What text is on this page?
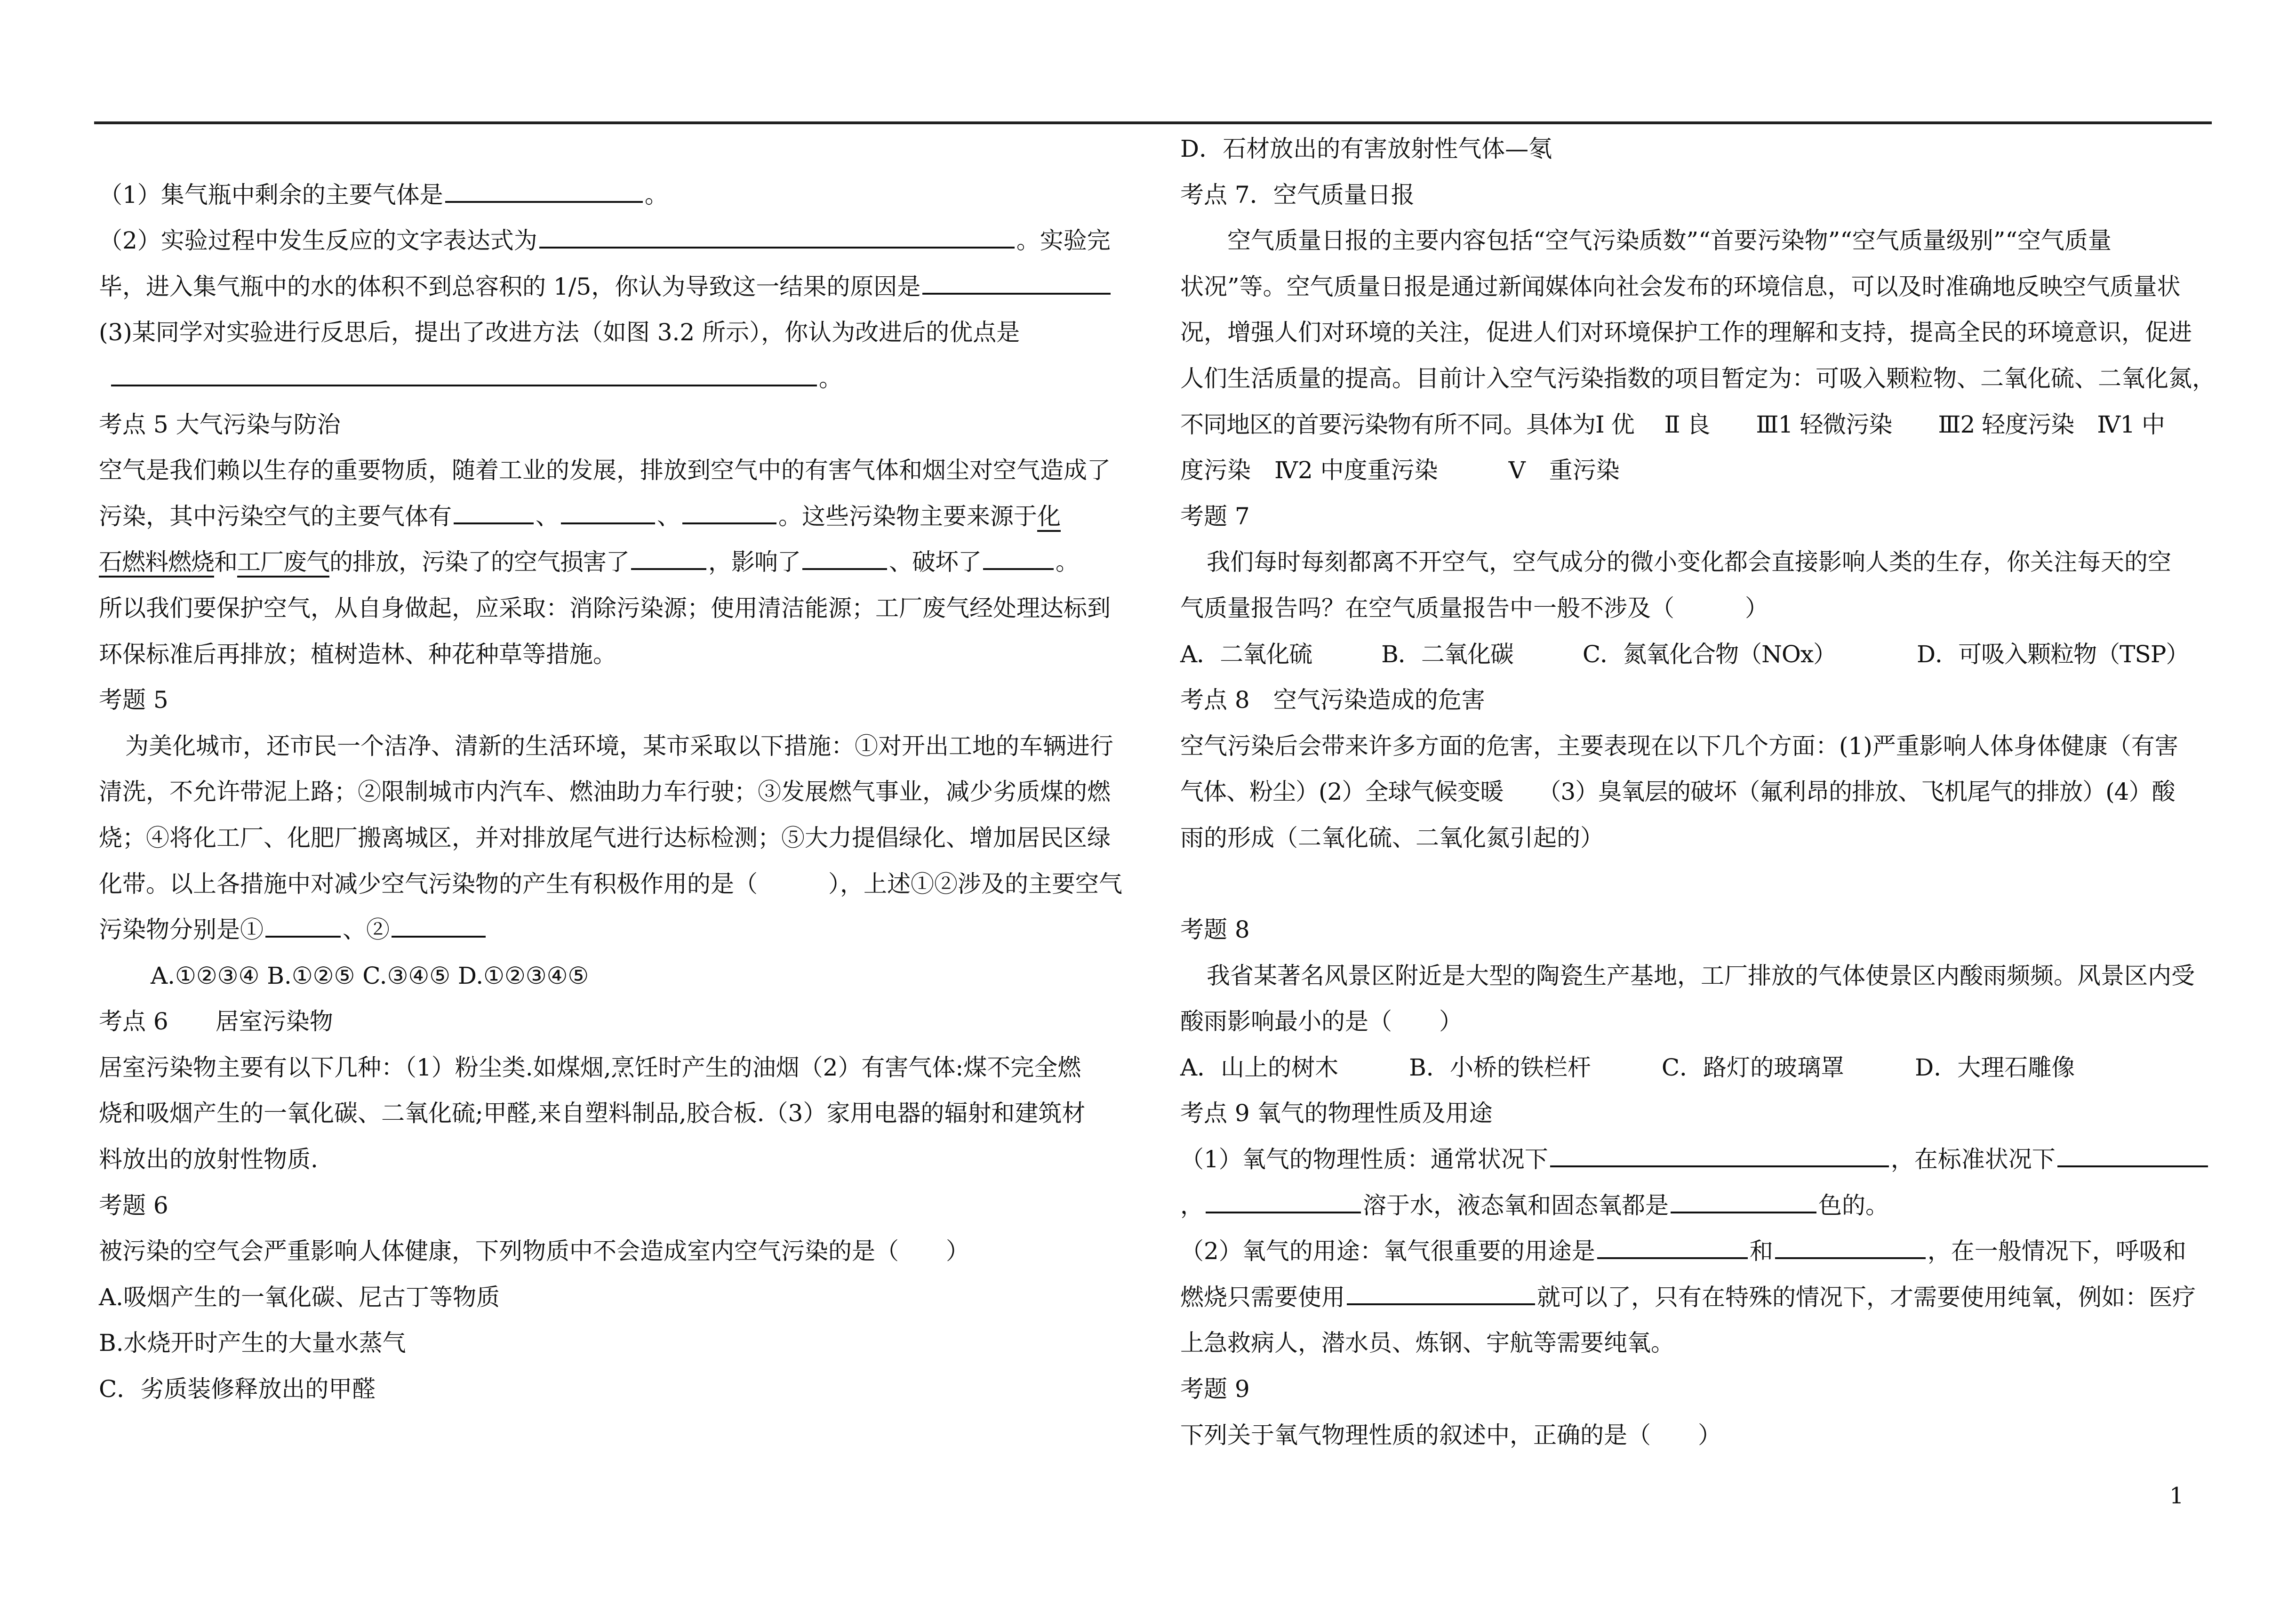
（1）集气瓶中剩余的主要气体是	。
（2）实验过程中发生反应的文字表达式为	。实验完
毕，进入集气瓶中的水的体积不到总容积的 1/5，你认为导致这一结果的原因是
(3)某同学对实验进行反思后，提出了改进方法（如图 3.2 所示），你认为改进后的优点是
。
考点 5 大气污染与防治
空气是我们赖以生存的重要物质，随着工业的发展，排放到空气中的有害气体和烟尘对空气造成了
污染，其中污染空气的主要气体有	、	、	。这些污染物主要来源于化
石燃料燃烧和工厂废气的排放，污染了的空气损害了	，影响了	、破坏了	。
所以我们要保护空气，从自身做起，应采取：消除污染源；使用清洁能源；工厂废气经处理达标到
环保标准后再排放；植树造林、种花种草等措施。
考题 5
为美化城市，还市民一个洁净、清新的生活环境，某市采取以下措施：①对开出工地的车辆进行
清洗，不允许带泥上路；②限制城市内汽车、燃油助力车行驶；③发展燃气事业，减少劣质煤的燃
烧；④将化工厂、化肥厂搬离城区，并对排放尾气进行达标检测；⑤大力提倡绿化、增加居民区绿
化带。以上各措施中对减少空气污染物的产生有积极作用的是（　　　），上述①②涉及的主要空气
污染物分别是①	、②
A.①②③④ B.①②⑤ C.③④⑤ D.①②③④⑤
考点 6　　居室污染物
居室污染物主要有以下几种：（1）粉尘类.如煤烟,烹饪时产生的油烟（2）有害气体:煤不完全燃
烧和吸烟产生的一氧化碳、二氧化硫;甲醛,来自塑料制品,胶合板.（3）家用电器的辐射和建筑材
料放出的放射性物质.
考题 6
被污染的空气会严重影响人体健康，下列物质中不会造成室内空气污染的是（　　）
A.吸烟产生的一氧化碳、尼古丁等物质
B.水烧开时产生的大量水蒸气
C．劣质装修释放出的甲醛
D．石材放出的有害放射性气体—氡
考点 7．空气质量日报
空气质量日报的主要内容包括“空气污染质数”“首要污染物”“空气质量级别”“空气质量
状况”等。空气质量日报是通过新闻媒体向社会发布的环境信息，可以及时准确地反映空气质量状
况，增强人们对环境的关注，促进人们对环境保护工作的理解和支持，提高全民的环境意识，促进
人们生活质量的提高。目前计入空气污染指数的项目暂定为：可吸入颗粒物、二氧化硫、二氧化氮，
不同地区的首要污染物有所不同。具体为Ⅰ 优　 Ⅱ 良　　Ⅲ1 轻微污染　　Ⅲ2 轻度污染　Ⅳ1 中
度污染　Ⅳ2 中度重污染　　　Ⅴ　重污染
考题 7
我们每时每刻都离不开空气，空气成分的微小变化都会直接影响人类的生存，你关注每天的空
气质量报告吗？在空气质量报告中一般不涉及（　　　）
A．二氧化硫　　　B．二氧化碳　　　C．氮氧化合物（NOx）　　　　D．可吸入颗粒物（TSP）
考点 8　空气污染造成的危害
空气污染后会带来许多方面的危害，主要表现在以下几个方面：(1)严重影响人体身体健康（有害
气体、粉尘）(2）全球气候变暖　　（3）臭氧层的破坏（氟利昂的排放、飞机尾气的排放）(4）酸
雨的形成（二氧化硫、二氧化氮引起的）
考题 8
我省某著名风景区附近是大型的陶瓷生产基地，工厂排放的气体使景区内酸雨频频。风景区内受
酸雨影响最小的是（　　）
A．山上的树木　　　B．小桥的铁栏杆　　　C．路灯的玻璃罩　　　D．大理石雕像
考点 9 氧气的物理性质及用途
（1）氧气的物理性质：通常状况下	，在标准状况下
，	溶于水，液态氧和固态氧都是	色的。
（2）氧气的用途：氧气很重要的用途是	和	，在一般情况下，呼吸和
燃烧只需要使用	就可以了，只有在特殊的情况下，才需要使用纯氧，例如：医疗
上急救病人，潜水员、炼钢、宇航等需要纯氧。
考题 9
下列关于氧气物理性质的叙述中，正确的是（　　）
1
